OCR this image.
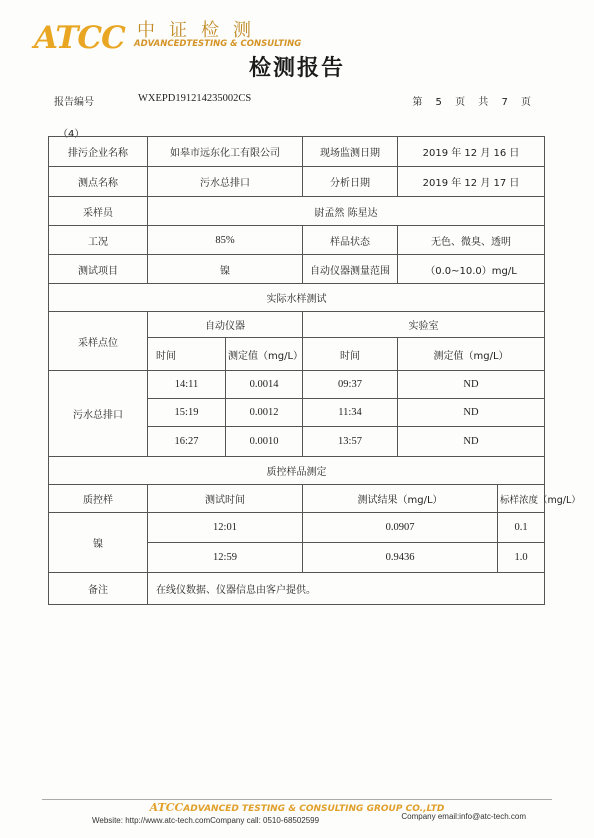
ATCC 中证检测
ADVANCEDTESTING & CONSULTING
检测报告
报告编号	WXEPD191214235002CS	第 5 页 共 7 页
（4）
排污企业名称	如皋市远东化工有限公司		现场监测日期	2019 年 12 月 16 日	
测点名称	污水总排口		分析日期	2019 年 12 月 17 日	
采样员	尉孟然 陈星达				
工况	85%		样品状态	无色、微臭、透明	
测试项目	镍		自动仪器测量范围	（0.0~10.0）mg/L	
实际水样测试					
采样点位	自动仪器		实验室		
	时间	测定值（mg/L）	时间	测定值（mg/L）	
污水总排口	14:11	0.0014	09:37	ND	
	15:19	0.0012	11:34	ND	
	16:27	0.0010	13:57	ND	
质控样品测定					
质控样	测试时间		测试结果（mg/L）		标样浓度（mg/L）
镍	12:01		0.0907		0.1
	12:59		0.9436		1.0
备注	在线仪数据、仪器信息由客户提供。				
ATCCADVANCED TESTING & CONSULTING GROUP CO.,LTD
Website: http://www.atc-tech.comCompany call: 0510-68502599	Company email:info@atc-tech.com
